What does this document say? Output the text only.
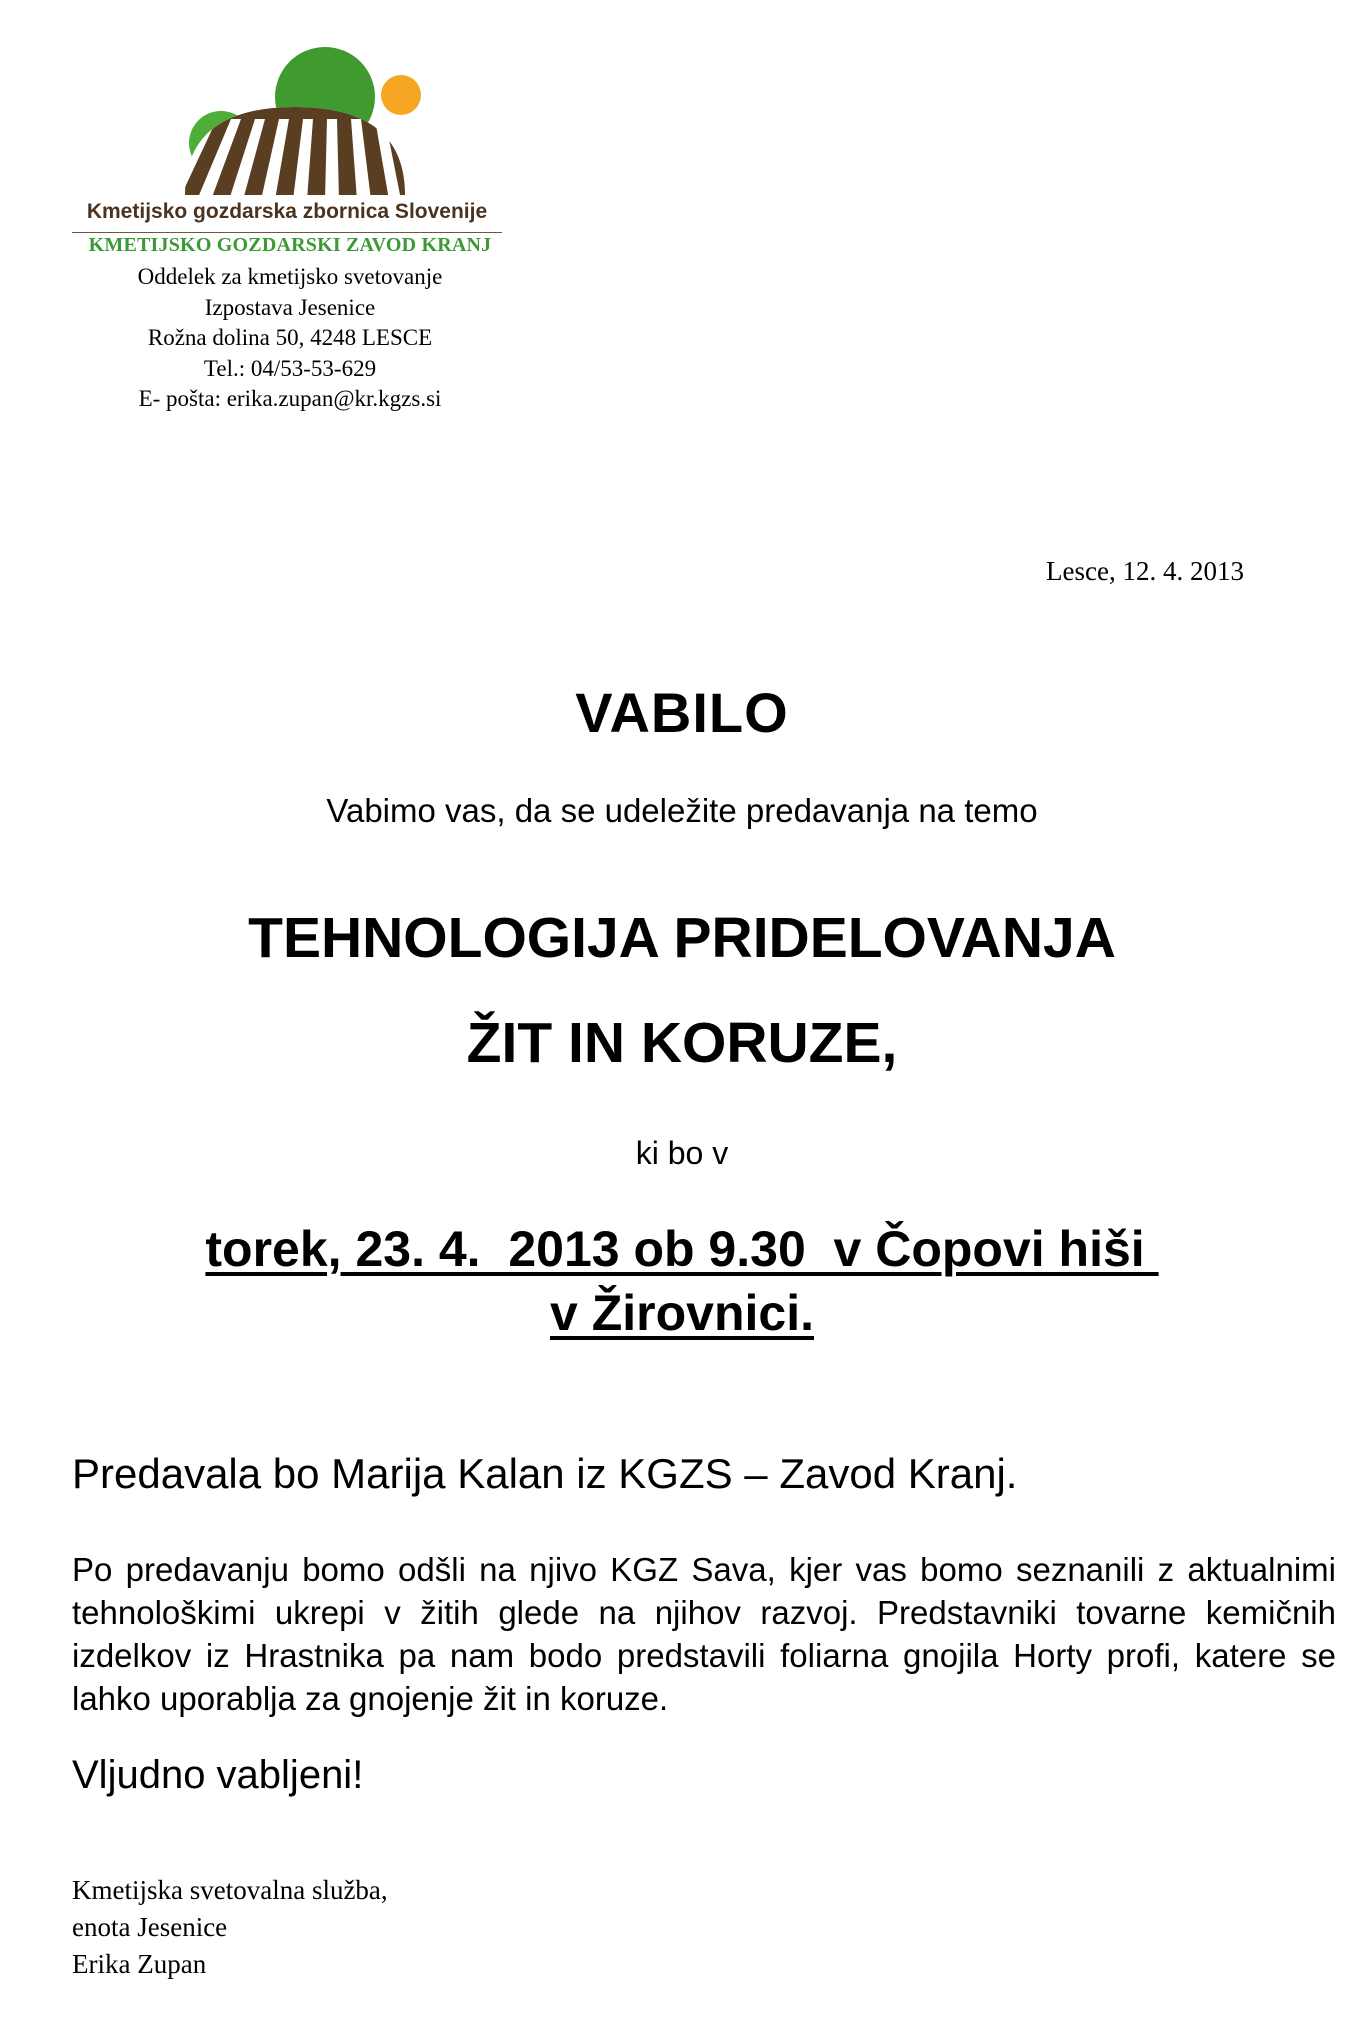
Kmetijsko gozdarska zbornica Slovenije
KMETIJSKO GOZDARSKI ZAVOD KRANJ
Oddelek za kmetijsko svetovanje
Izpostava Jesenice
Rožna dolina 50, 4248 LESCE
Tel.: 04/53-53-629
E- pošta: erika.zupan@kr.kgzs.si
Lesce, 12. 4. 2013
VABILO
Vabimo vas, da se udeležite predavanja na temo
TEHNOLOGIJA PRIDELOVANJA
ŽIT IN KORUZE,
ki bo v
torek, 23. 4.  2013 ob 9.30  v Čopovi hiši
v Žirovnici.
Predavala bo Marija Kalan iz KGZS – Zavod Kranj.
Po predavanju bomo odšli na njivo KGZ Sava, kjer vas bomo seznanili z aktualnimi tehnološkimi ukrepi v žitih glede na njihov razvoj. Predstavniki tovarne kemičnih izdelkov iz Hrastnika pa nam bodo predstavili foliarna gnojila Horty profi, katere se lahko uporablja za gnojenje žit in koruze.
Vljudno vabljeni!
Kmetijska svetovalna služba,
enota Jesenice
Erika Zupan
